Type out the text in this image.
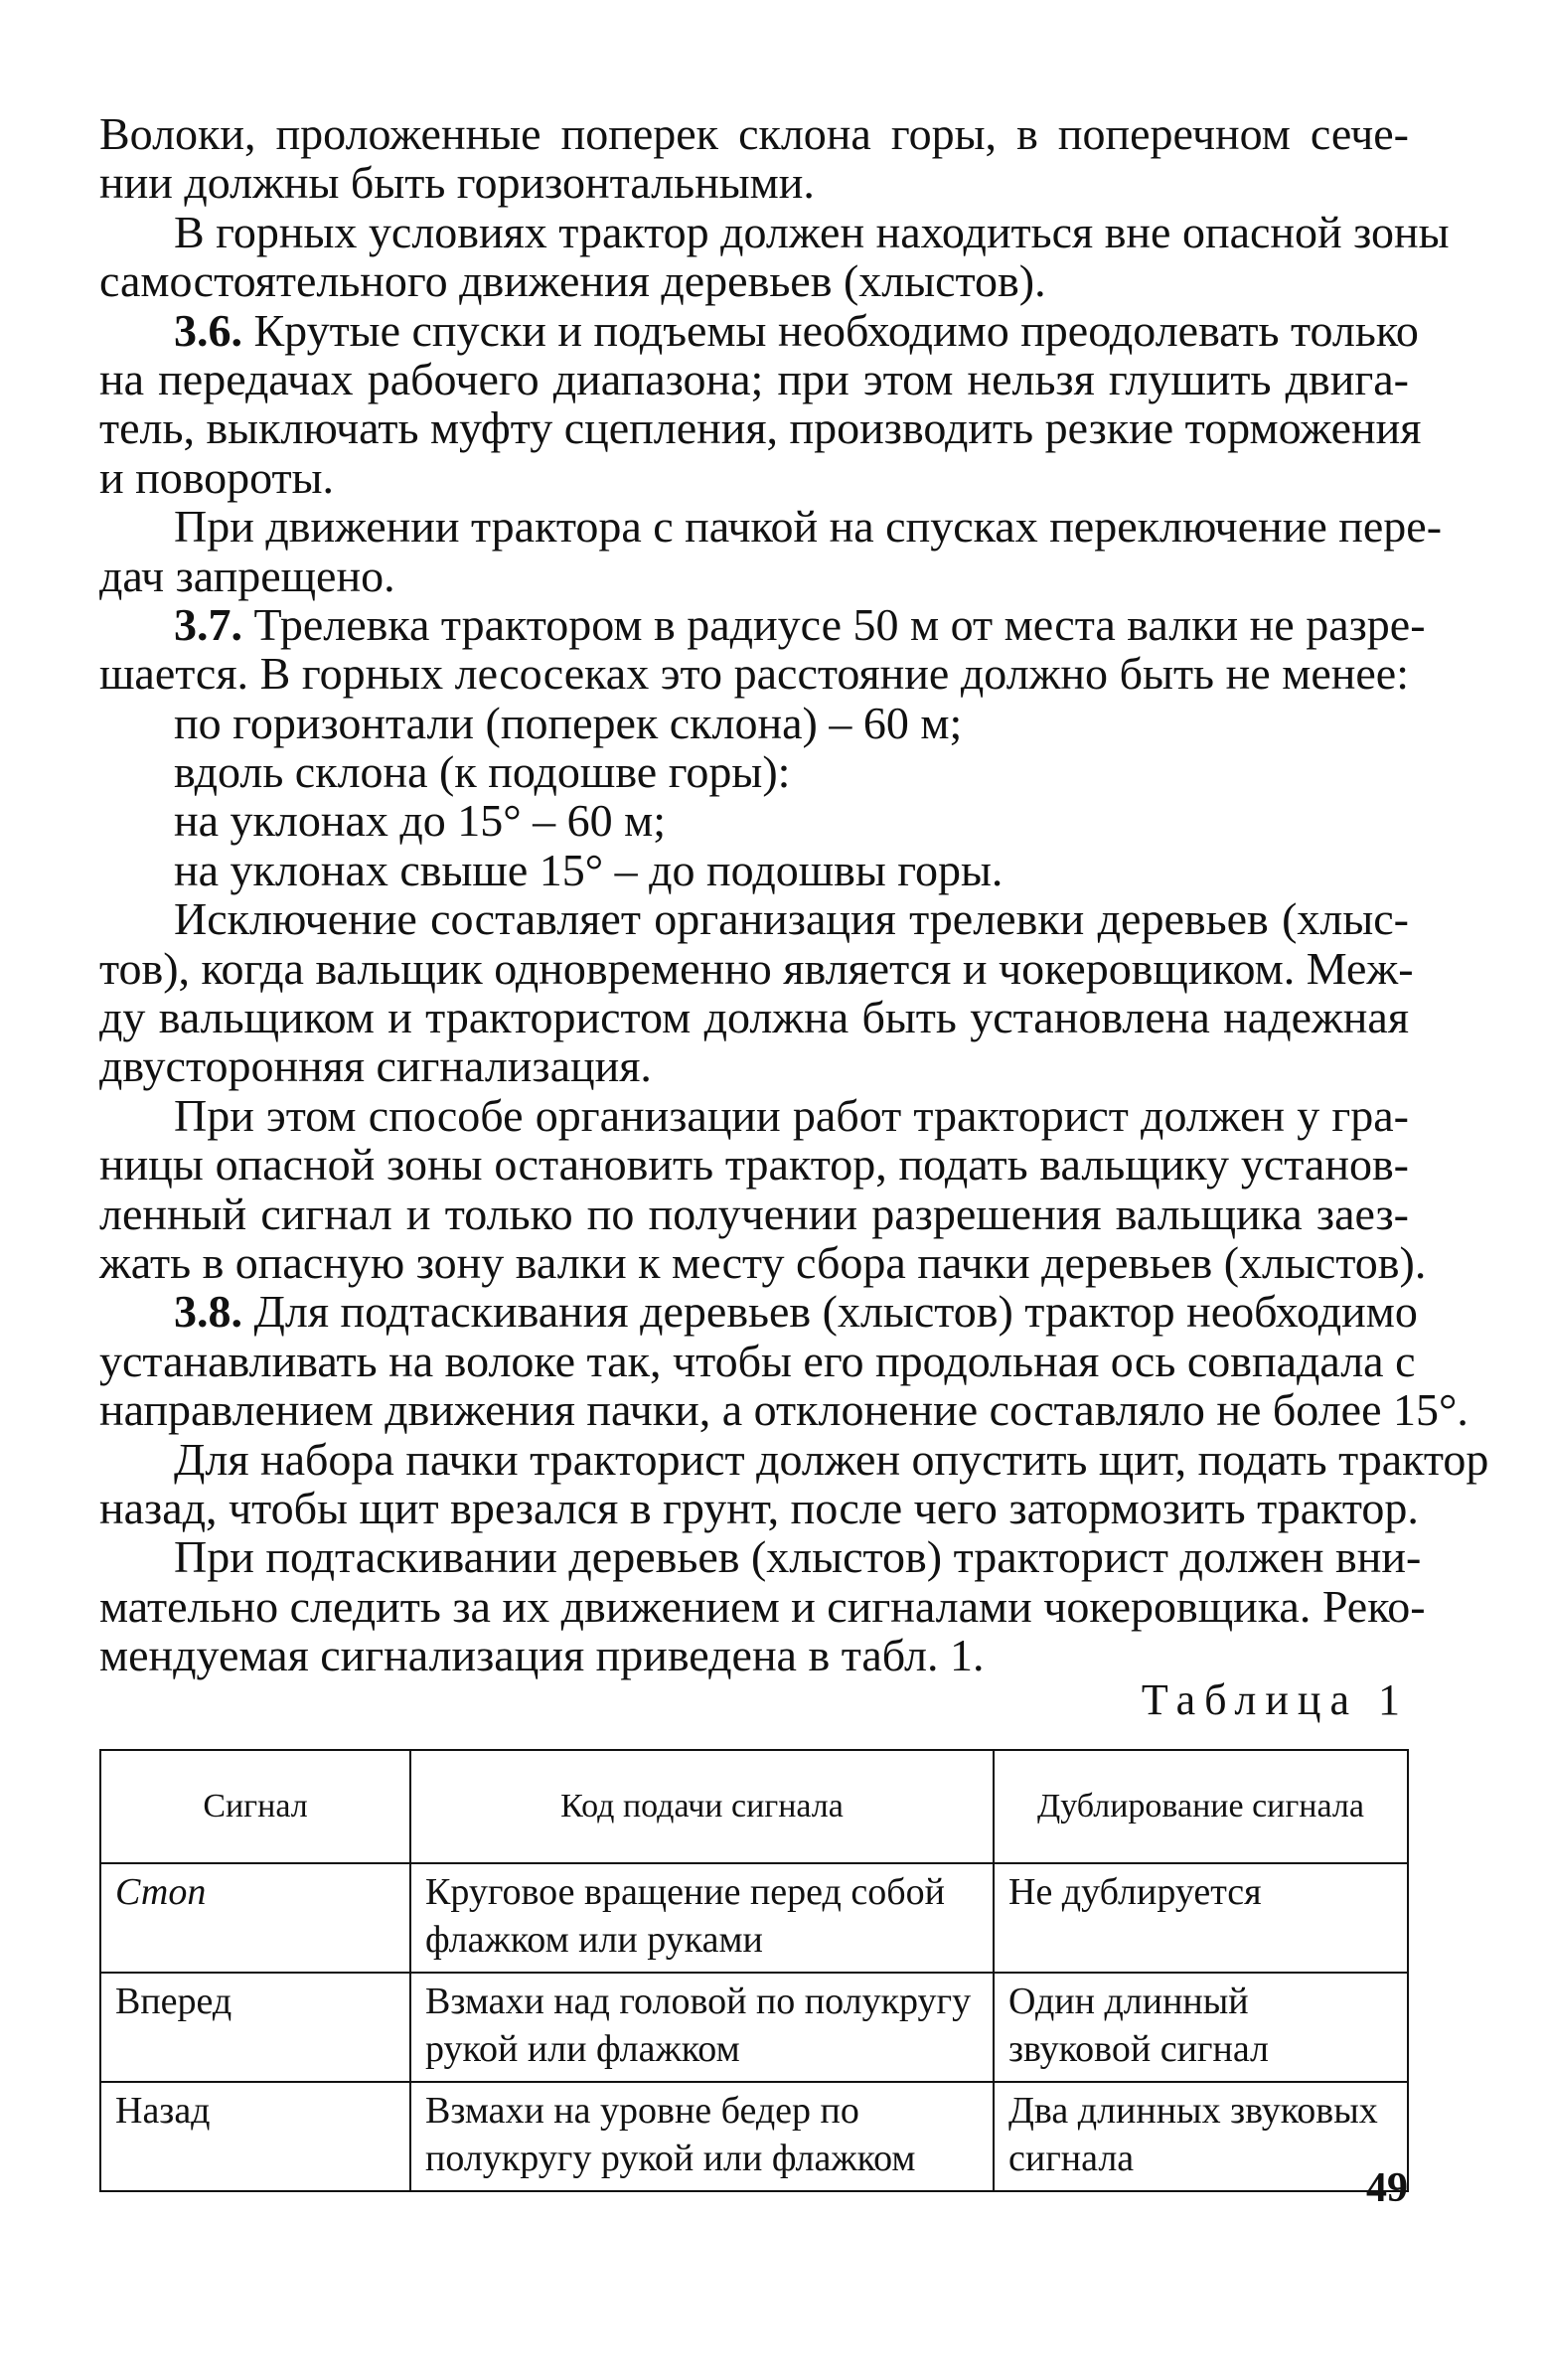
Волоки, проложенные поперек склона горы, в поперечном сече-
нии должны быть горизонтальными.
В горных условиях трактор должен находиться вне опасной зоны
самостоятельного движения деревьев (хлыстов).
3.6. Крутые спуски и подъемы необходимо преодолевать только
на передачах рабочего диапазона; при этом нельзя глушить двига-
тель, выключать муфту сцепления, производить резкие торможения
и повороты.
При движении трактора с пачкой на спусках переключение пере-
дач запрещено.
3.7. Трелевка трактором в радиусе 50 м от места валки не разре-
шается. В горных лесосеках это расстояние должно быть не менее:
по горизонтали (поперек склона) – 60 м;
вдоль склона (к подошве горы):
на уклонах до 15° – 60 м;
на уклонах свыше 15° – до подошвы горы.
Исключение составляет организация трелевки деревьев (хлыс-
тов), когда вальщик одновременно является и чокеровщиком. Меж-
ду вальщиком и трактористом должна быть установлена надежная
двусторонняя сигнализация.
При этом способе организации работ тракторист должен у гра-
ницы опасной зоны остановить трактор, подать вальщику установ-
ленный сигнал и только по получении разрешения вальщика заез-
жать в опасную зону валки к месту сбора пачки деревьев (хлыстов).
3.8. Для подтаскивания деревьев (хлыстов) трактор необходимо
устанавливать на волоке так, чтобы его продольная ось совпадала с
направлением движения пачки, а отклонение составляло не более 15°.
Для набора пачки тракторист должен опустить щит, подать трактор
назад, чтобы щит врезался в грунт, после чего затормозить трактор.
При подтаскивании деревьев (хлыстов) тракторист должен вни-
мательно следить за их движением и сигналами чокеровщика. Реко-
мендуемая сигнализация приведена в табл. 1.
Таблица 1
Сигнал	Код подачи сигнала	Дублирование сигнала
Стоп	Круговое вращение перед собой флажком или руками	Не дублируется
Вперед	Взмахи над головой по полукругу рукой или флажком	Один длинный звуковой сигнал
Назад	Взмахи на уровне бедер по полукругу рукой или флажком	Два длинных звуковых сигнала
49
